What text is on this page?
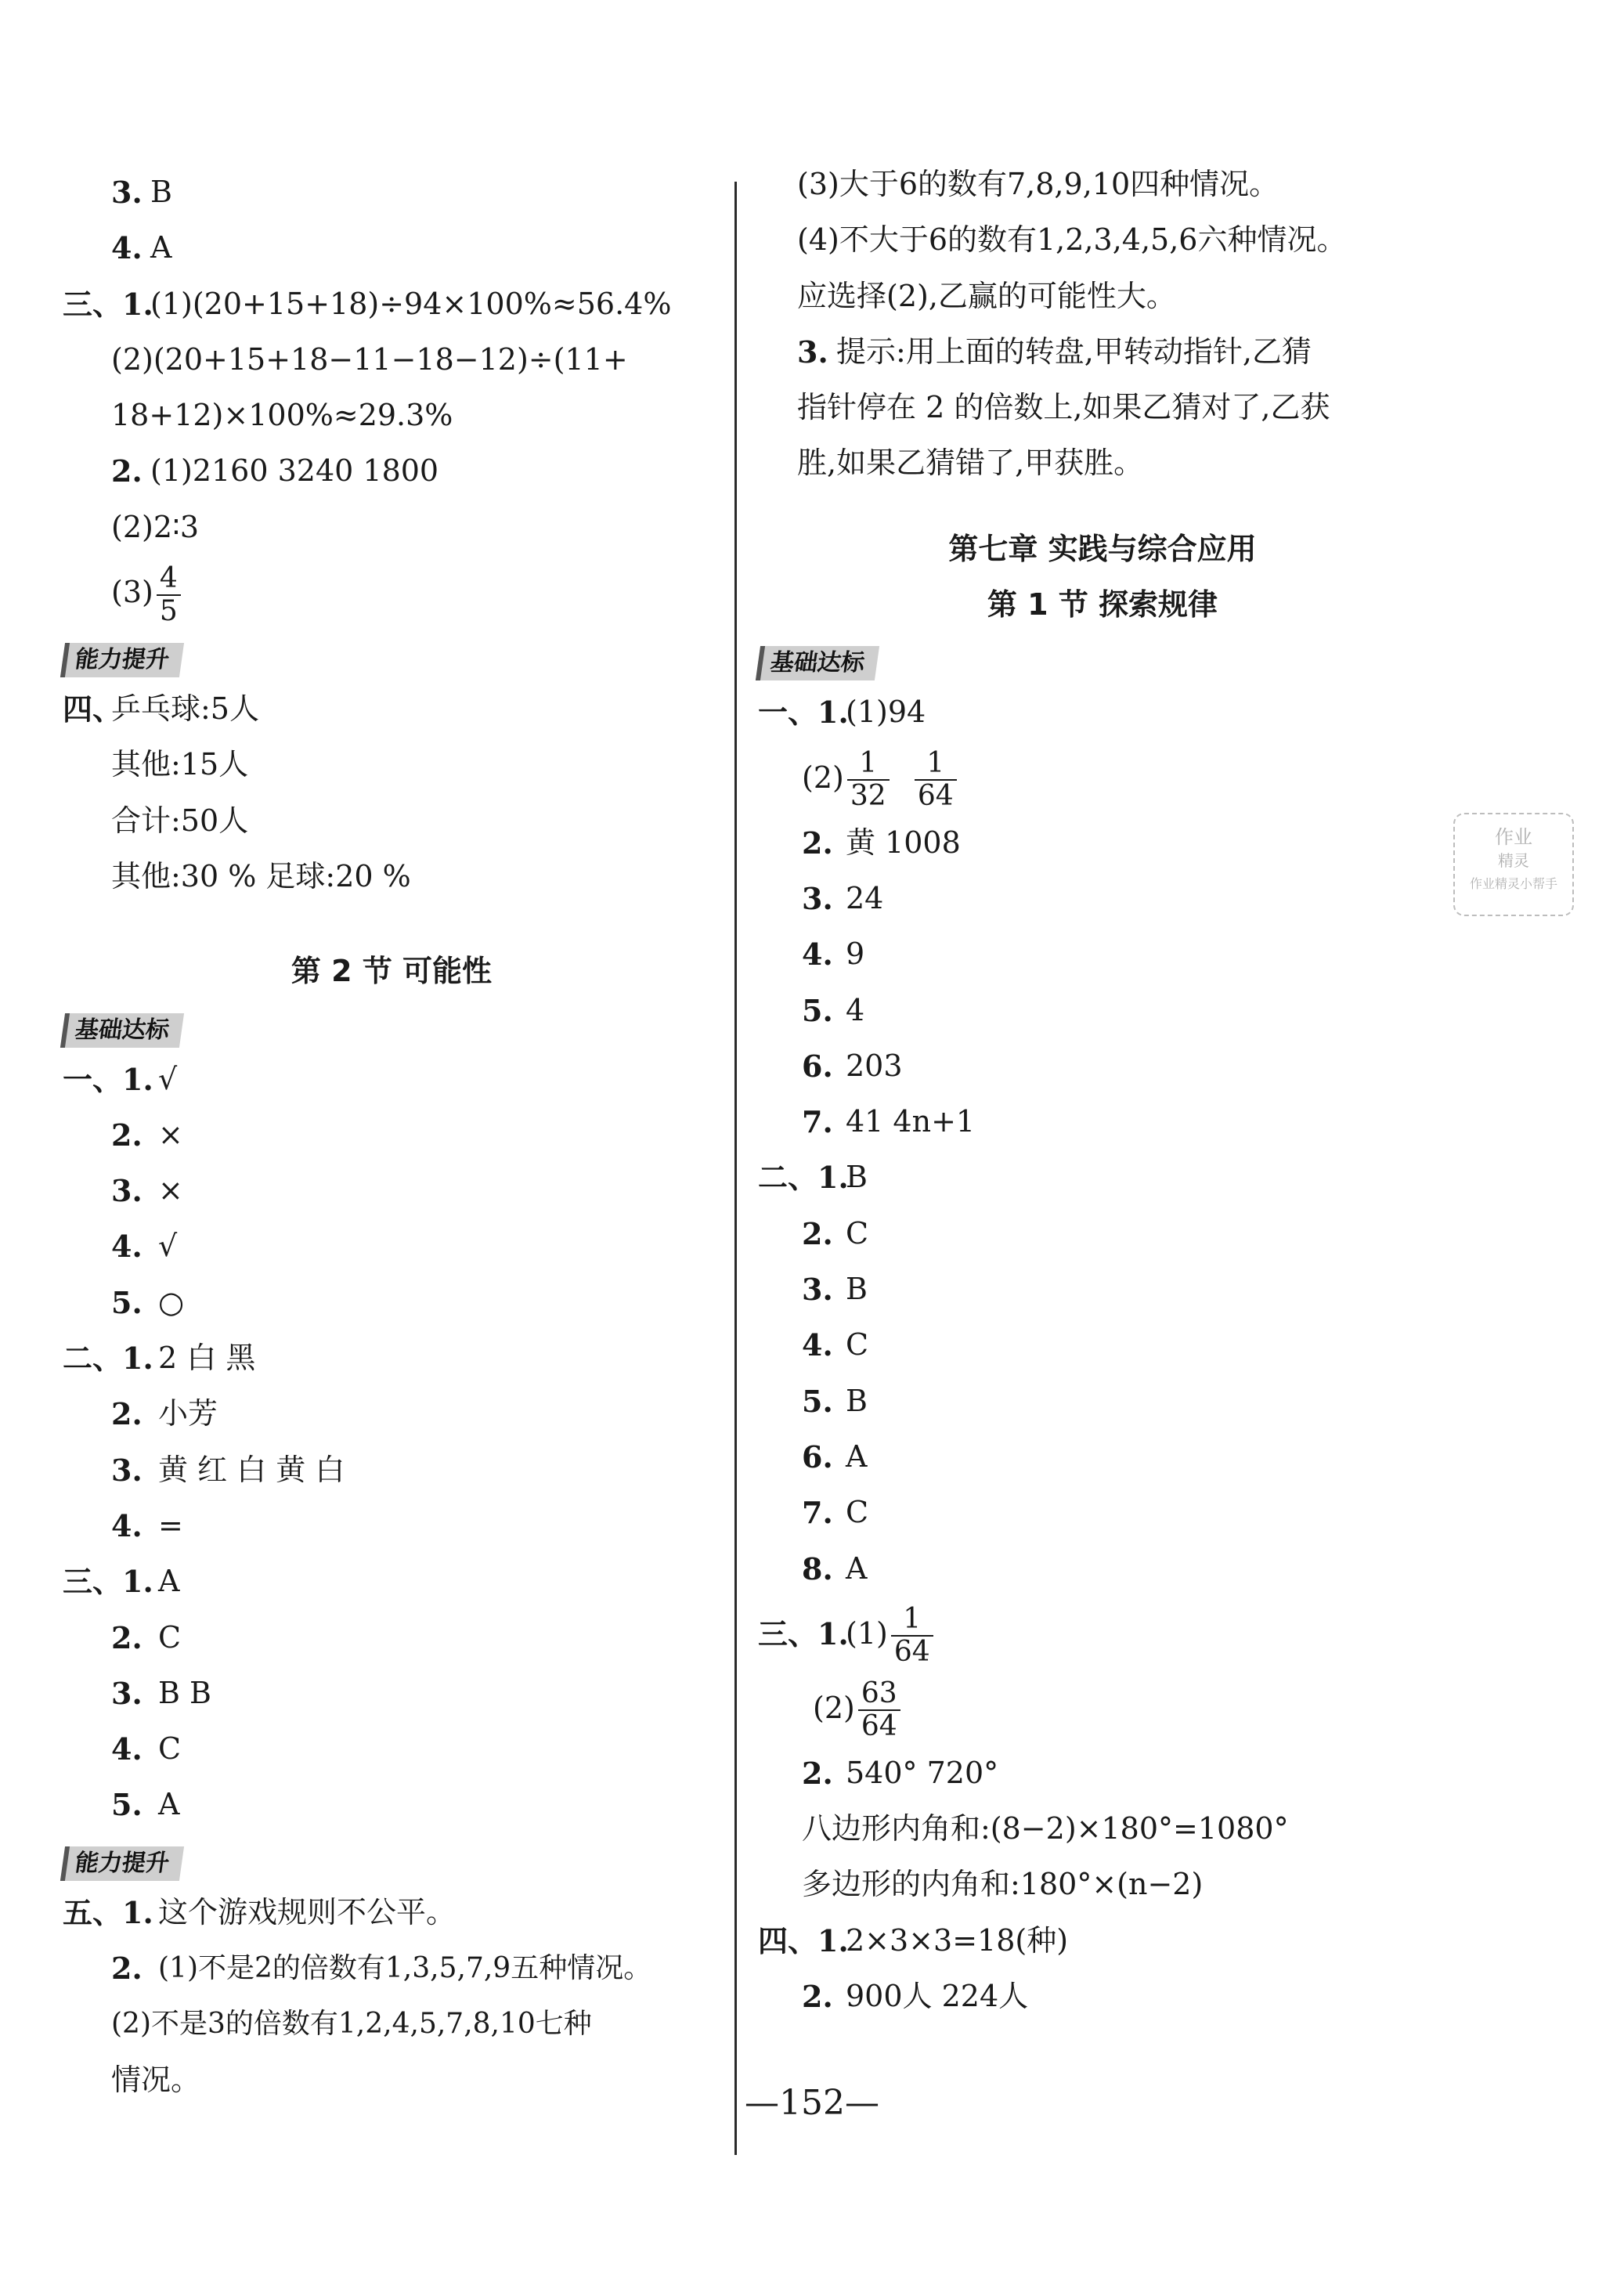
3. B
4. A
三、1.
(1)(20+15+18)÷94×100%≈56.4%
(2)(20+15+18−11−18−12)÷(11+
18+12)×100%≈29.3%
2. (1)2160 3240 1800
(2)2∶3
$(3) \frac{4}{5}$
能力提升
四、
乒乓球:5人
其他:15人
合计:50人
其他:30 % 足球:20 %
第 2 节 可能性
基础达标
一、1. √
2. ×
3. ×
4. √
5. ○
二、1. 2 白 黑
2. 小芳
3. 黄 红 白 黄 白
4. =
三、1. A
2. C
3. B B
4. C
5. A
能力提升
五、1. 这个游戏规则不公平。
2. (1)不是2的倍数有1,3,5,7,9五种情况。
(2)不是3的倍数有1,2,4,5,7,8,10七种
情况。
(3)大于6的数有7,8,9,10四种情况。
(4)不大于6的数有1,2,3,4,5,6六种情况。
应选择(2),乙赢的可能性大。
3. 提示:用上面的转盘,甲转动指针,乙猜
指针停在 2 的倍数上,如果乙猜对了,乙获
胜,如果乙猜错了,甲获胜。
第七章 实践与综合应用
第 1 节 探索规律
基础达标
一、1.
(1)94
$(2) \frac{1}{32}$
$\frac{1}{64}$
2. 黄 1008
3. 24
4. 9
5. 4
6. 203
7. 41 4n+1
二、1.
B
2. C
3. B
4. C
5. B
6. A
7. C
8. A
三、1.
$(1) \frac{1}{64}$
$(2) \frac{63}{64}$
2. 540° 720°
八边形内角和:(8−2)×180°=1080°
多边形的内角和:180°×(n−2)
四、1.
2×3×3=18(种)
2. 900人 224人
作业
精灵
作业精灵小帮手
—152—
